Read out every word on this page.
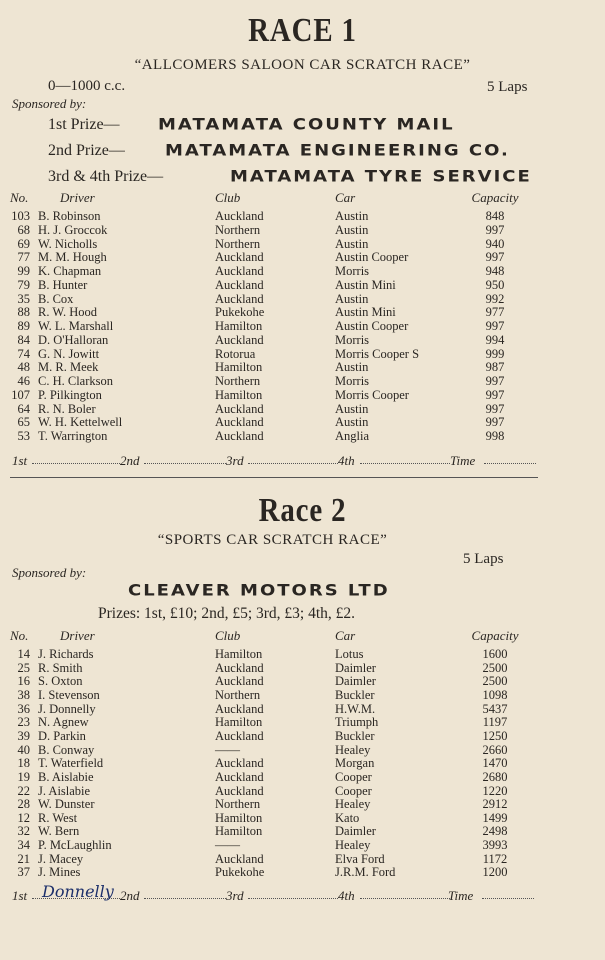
RACE 1
“ALLCOMERS SALOON CAR SCRATCH RACE”
0—1000 c.c.	5 Laps
Sponsored by:
1st Prize— MATAMATA COUNTY MAIL
2nd Prize— MATAMATA ENGINEERING CO.
3rd & 4th Prize—	MATAMATA TYRE SERVICE
No.	Driver	Club	Car	Capacity
103 B. Robinson	Auckland	Austin	848
68 H. J. Groccok	Northern	Austin	997
69 W. Nicholls	Northern	Austin	940
77 M. M. Hough	Auckland	Austin Cooper	997
99 K. Chapman	Auckland	Morris	948
79 B. Hunter	Auckland	Austin Mini	950
35 B. Cox	Auckland	Austin	992
88 R. W. Hood	Pukekohe	Austin Mini	977
89 W. L. Marshall	Hamilton	Austin Cooper	997
84 D. O'Halloran	Auckland	Morris	994
74 G. N. Jowitt	Rotorua	Morris Cooper S	999
48 M. R. Meek	Hamilton	Austin	987
46 C. H. Clarkson	Northern	Morris	997
107 P. Pilkington	Hamilton	Morris Cooper	997
64 R. N. Boler	Auckland	Austin	997
65 W. H. Kettelwell	Auckland	Austin	997
53 T. Warrington	Auckland	Anglia	998
1st	2nd	3rd	4th	Time
Race 2
“SPORTS CAR SCRATCH RACE”
5 Laps
Sponsored by:
CLEAVER MOTORS LTD
Prizes: 1st, £10; 2nd, £5; 3rd, £3; 4th, £2.
No.	Driver	Club	Car	Capacity
14 J. Richards	Hamilton	Lotus	1600
25 R. Smith	Auckland	Daimler	2500
16 S. Oxton	Auckland	Daimler	2500
38 I. Stevenson	Northern	Buckler	1098
36 J. Donnelly	Auckland	H.W.M.	5437
23 N. Agnew	Hamilton	Triumph	1197
39 D. Parkin	Auckland	Buckler	1250
40 B. Conway	——	Healey	2660
18 T. Waterfield	Auckland	Morgan	1470
19 B. Aislabie	Auckland	Cooper	2680
22 J. Aislabie	Auckland	Cooper	1220
28 W. Dunster	Northern	Healey	2912
12 R. West	Hamilton	Kato	1499
32 W. Bern	Hamilton	Daimler	2498
34 P. McLaughlin	——	Healey	3993
21 J. Macey	Auckland	Elva Ford	1172
37 J. Mines	Pukekohe	J.R.M. Ford	1200
1st Donnelly 2nd	3rd	4th	Time
